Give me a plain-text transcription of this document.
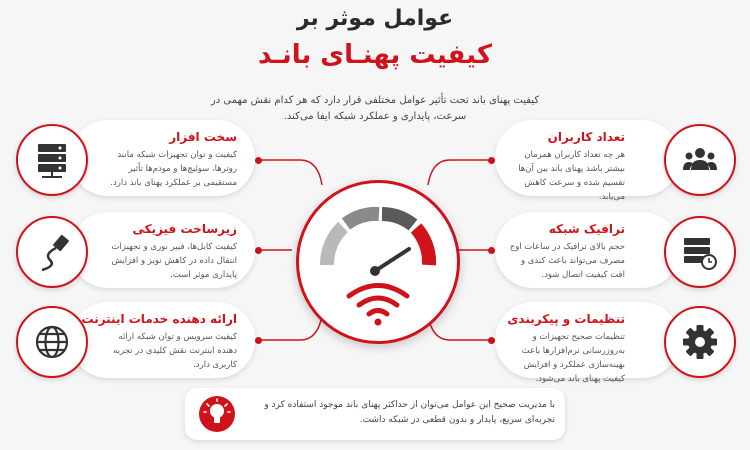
عوامل موثر بر
کیفیت پهنـای بانـد
کیفیت پهنای باند تحت تأثیر عوامل مختلفی قرار دارد که هر کدام نقش مهمی در سرعت، پایداری و عملکرد شبکه ایفا می‌کند.
سخت افزار
کیفیت و توان تجهیزات شبکه مانند روترها، سوئیچ‌ها و مودم‌ها تأثیر مستقیمی بر عملکرد پهنای باند دارد.
زیرساخت فیزیکی
کیفیت کابل‌ها، فیبر نوری و تجهیزات انتقال داده در کاهش نویز و افزایش پایداری موثر است.
ارائه دهنده خدمات اینترنت
کیفیت سرویس و توان شبکه ارائه دهنده اینترنت نقش کلیدی در تجربه کاربری دارد.
تعداد کاربران
هر چه تعداد کاربران همزمان بیشتر باشد پهنای باند بین آن‌ها تقسیم شده و سرعت کاهش می‌یابد.
ترافیک شبکه
حجم بالای ترافیک در ساعات اوج مصرف می‌تواند باعث کندی و افت کیفیت اتصال شود.
تنظیمات و پیکربندی
تنظیمات صحیح تجهیزات و به‌روزرسانی نرم‌افزارها باعث بهینه‌سازی عملکرد و افزایش کیفیت پهنای باند می‌شود.
با مدیریت صحیح این عوامل می‌توان از حداکثر پهنای باند موجود استفاده کرد و تجربه‌ای سریع، پایدار و بدون قطعی در شبکه داشت.
